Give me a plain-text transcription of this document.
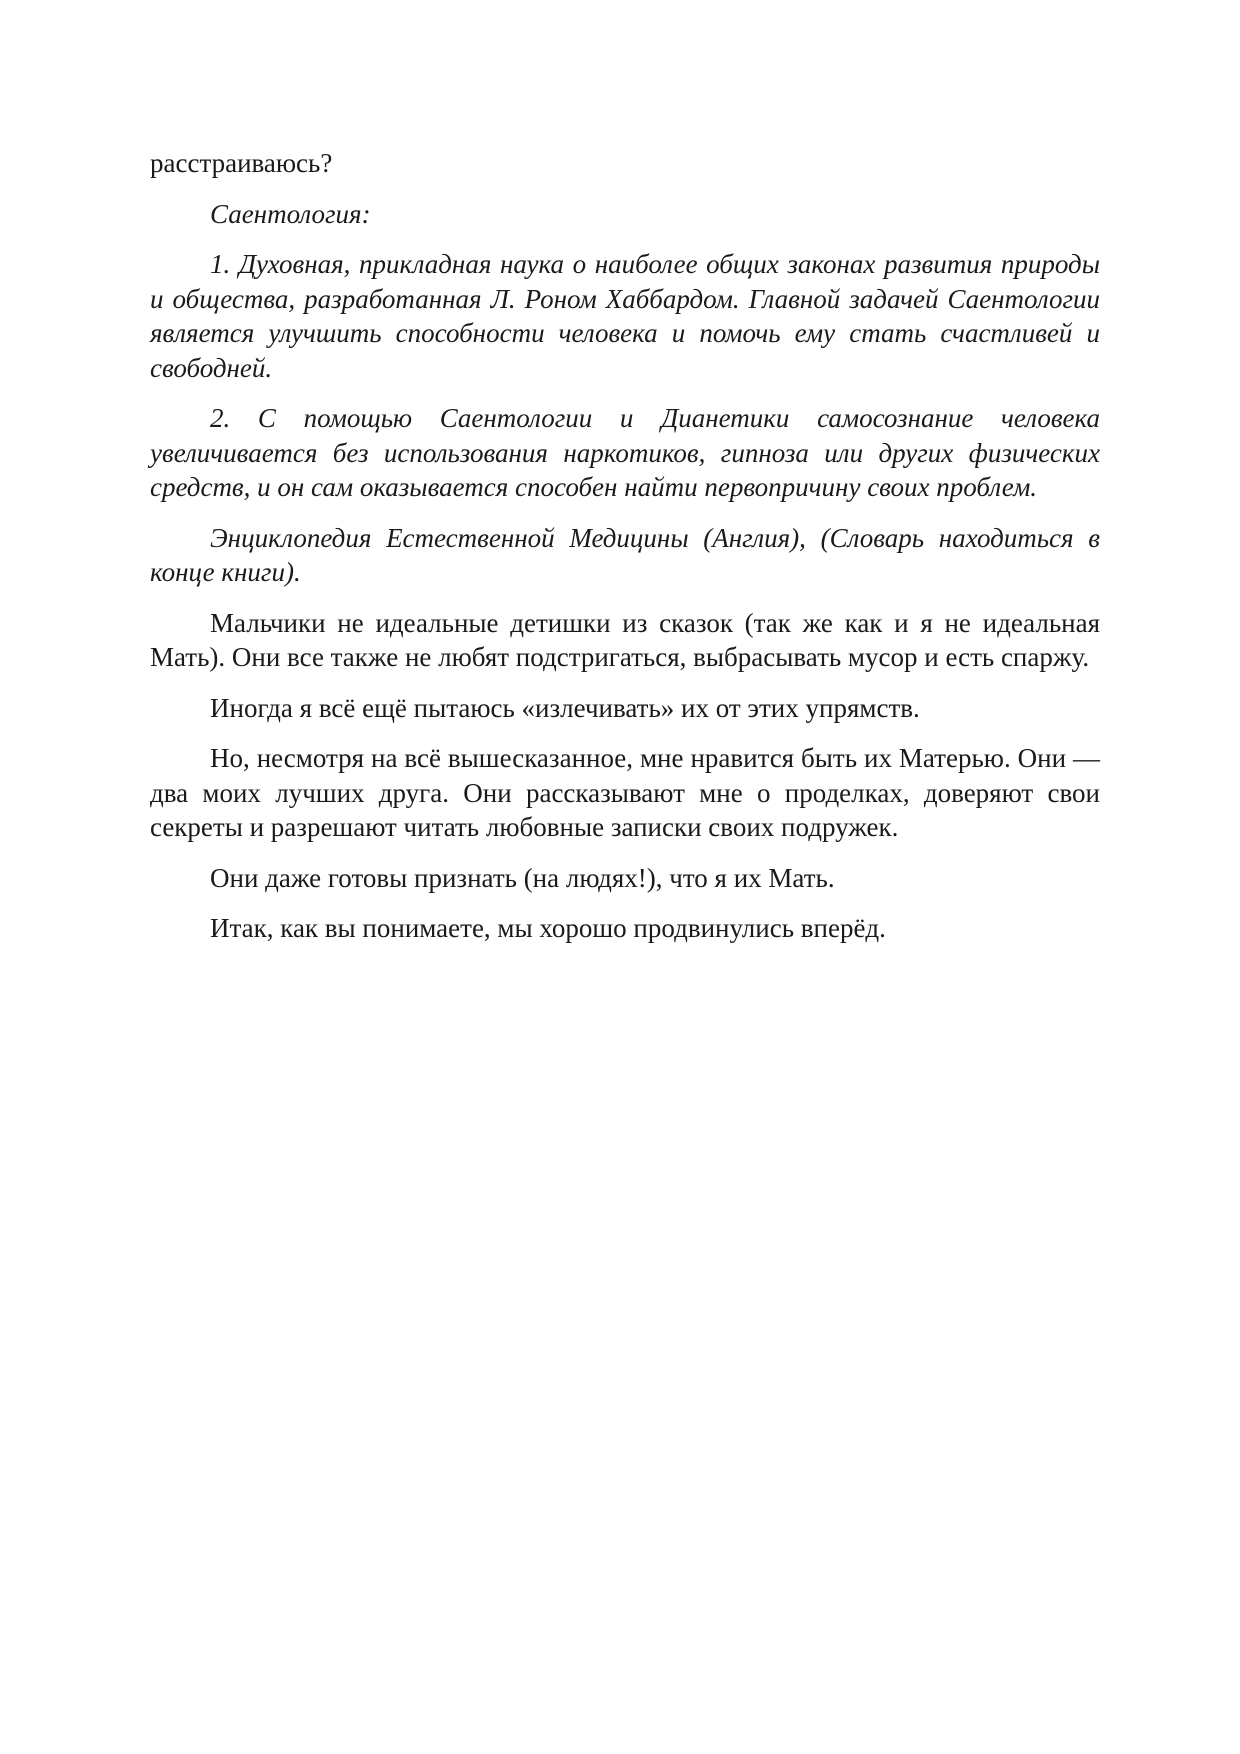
расстраиваюсь?

Саентология:

1. Духовная, прикладная наука о наиболее общих законах развития природы и общества, разработанная Л. Роном Хаббардом. Главной задачей Саентологии является улучшить способности человека и помочь ему стать счастливей и свободней.

2. С помощью Саентологии и Дианетики самосознание человека увеличивается без использования наркотиков, гипноза или других физических средств, и он сам оказывается способен найти первопричину своих проблем.

Энциклопедия Естественной Медицины (Англия), (Словарь находиться в конце книги).

Мальчики не идеальные детишки из сказок (так же как и я не идеальная Мать). Они все также не любят подстригаться, выбрасывать мусор и есть спаржу.

Иногда я всё ещё пытаюсь «излечивать» их от этих упрямств.

Но, несмотря на всё вышесказанное, мне нравится быть их Матерью. Они — два моих лучших друга. Они рассказывают мне о проделках, доверяют свои секреты и разрешают читать любовные записки своих подружек.

Они даже готовы признать (на людях!), что я их Мать.

Итак, как вы понимаете, мы хорошо продвинулись вперёд.
